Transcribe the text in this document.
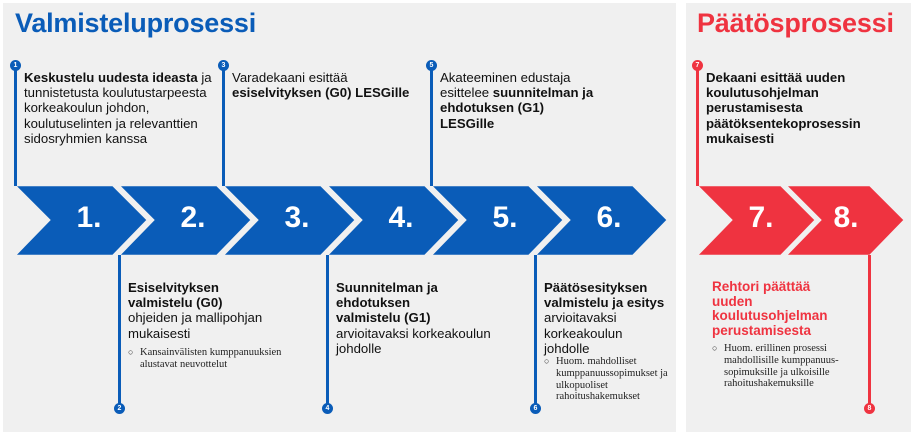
Valmisteluprosessi	Päätösprosessi
1.	2.	3.	4.	5.	6.	7.	8.
1	3	5	7
2	4	6	8
Keskustelu uudesta ideasta ja tunnistetusta koulutustarpeesta korkeakoulun johdon, koulutuselinten ja relevanttien sidosryhmien kanssa
Varadekaani esittää esiselvityksen (G0) LESGille
Akateeminen edustaja esittelee suunnitelman ja ehdotuksen (G1) LESGille
Dekaani esittää uuden koulutusohjelman perustamisesta päätöksentekoprosessin mukaisesti
Esiselvityksen valmistelu (G0)
ohjeiden ja mallipohjan mukaisesti
○ Kansainvälisten kumppanuuksien alustavat neuvottelut
Suunnitelman ja ehdotuksen valmistelu (G1)
arvioitavaksi korkeakoulun johdolle
Päätösesityksen valmistelu ja esitys
arvioitavaksi korkeakoulun johdolle
○ Huom. mahdolliset kumppanuussopimukset ja ulkopuoliset rahoitushakemukset
Rehtori päättää uuden koulutusohjelman perustamisesta
○ Huom. erillinen prosessi mahdollisille kumppanuus-sopimuksille ja ulkoisille rahoitushakemuksille
